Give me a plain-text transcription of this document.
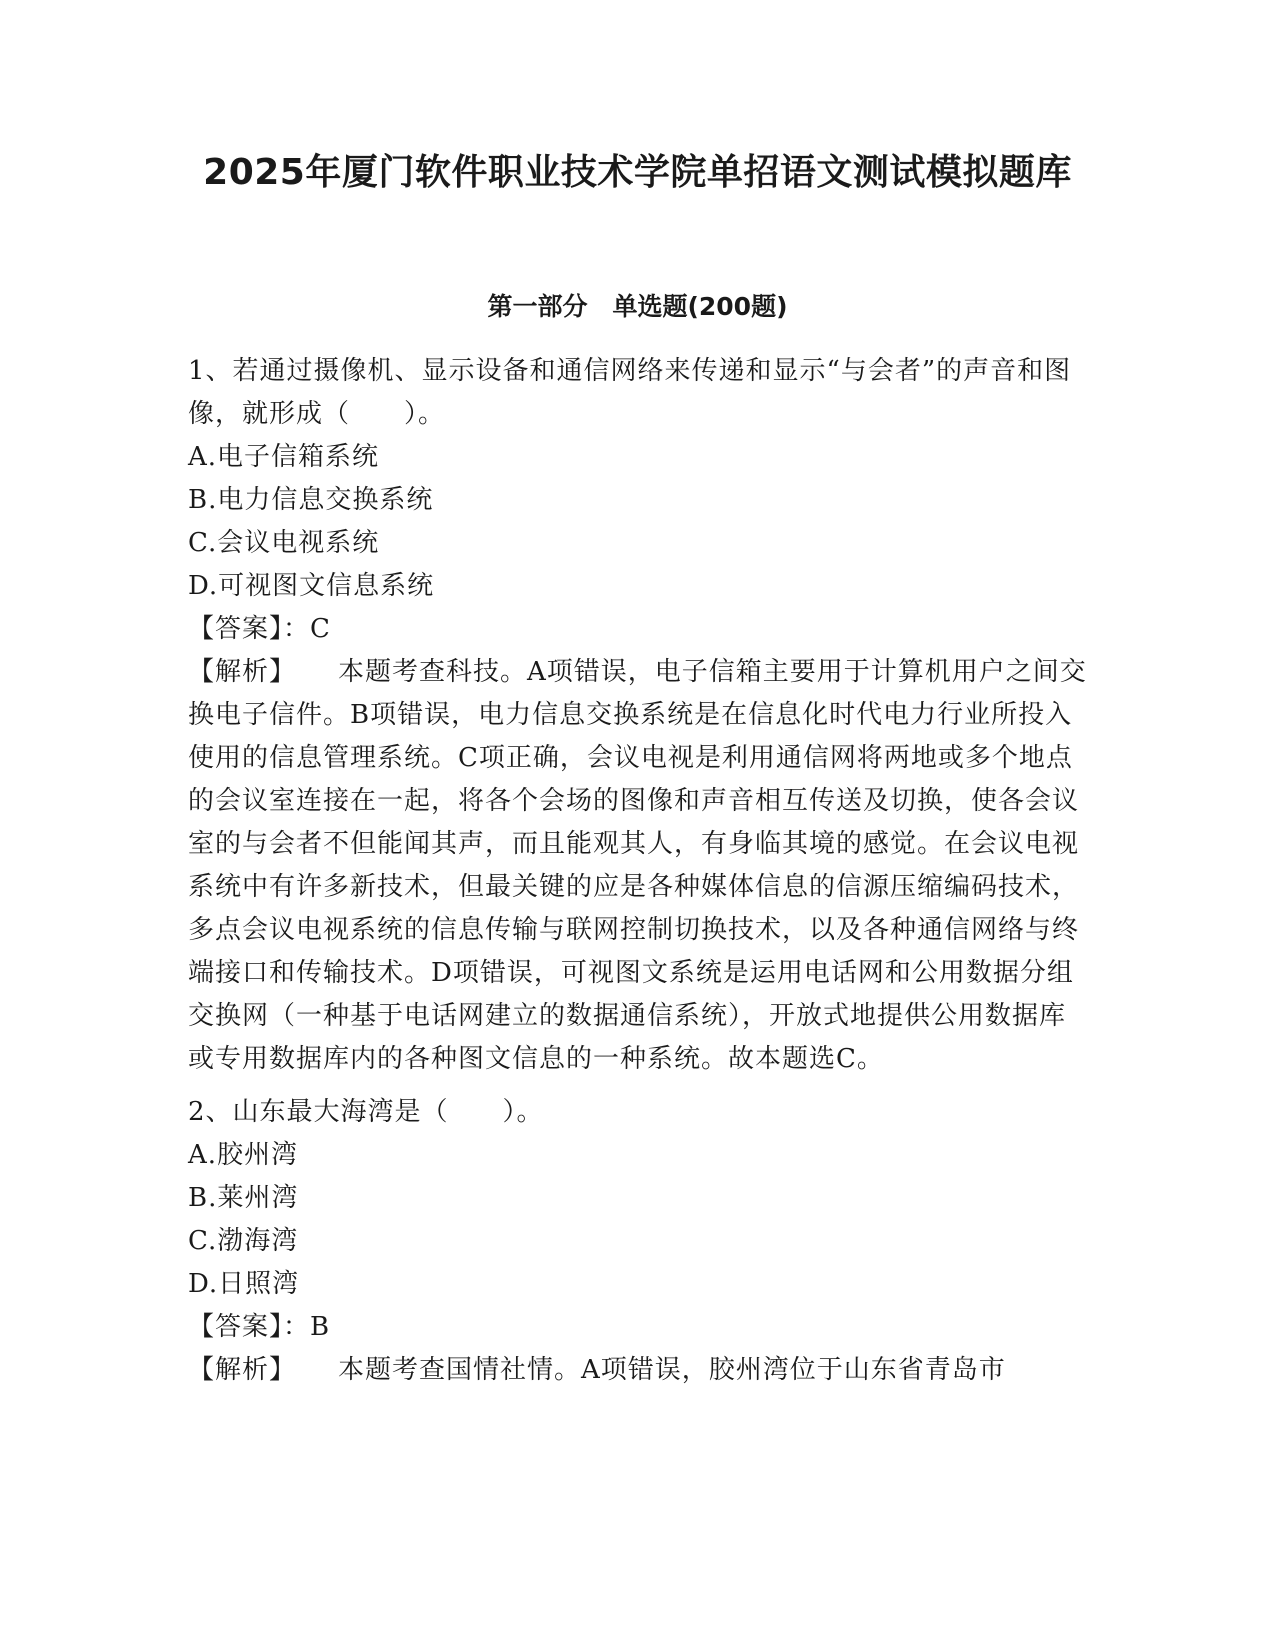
2025年厦门软件职业技术学院单招语文测试模拟题库
第一部分　单选题(200题)

1、若通过摄像机、显示设备和通信网络来传递和显示“与会者”的声音和图像，就形成（　　）。

A.电子信箱系统

B.电力信息交换系统

C.会议电视系统

D.可视图文信息系统

【答案】：C

【解析】 本题考查科技。A项错误，电子信箱主要用于计算机用户之间交换电子信件。B项错误，电力信息交换系统是在信息化时代电力行业所投入使用的信息管理系统。C项正确，会议电视是利用通信网将两地或多个地点的会议室连接在一起，将各个会场的图像和声音相互传送及切换，使各会议室的与会者不但能闻其声，而且能观其人，有身临其境的感觉。在会议电视系统中有许多新技术，但最关键的应是各种媒体信息的信源压缩编码技术，多点会议电视系统的信息传输与联网控制切换技术，以及各种通信网络与终端接口和传输技术。D项错误，可视图文系统是运用电话网和公用数据分组交换网（一种基于电话网建立的数据通信系统），开放式地提供公用数据库或专用数据库内的各种图文信息的一种系统。故本题选C。

2、山东最大海湾是（　　）。

A.胶州湾

B.莱州湾

C.渤海湾

D.日照湾

【答案】：B

【解析】 本题考查国情社情。A项错误，胶州湾位于山东省青岛市
